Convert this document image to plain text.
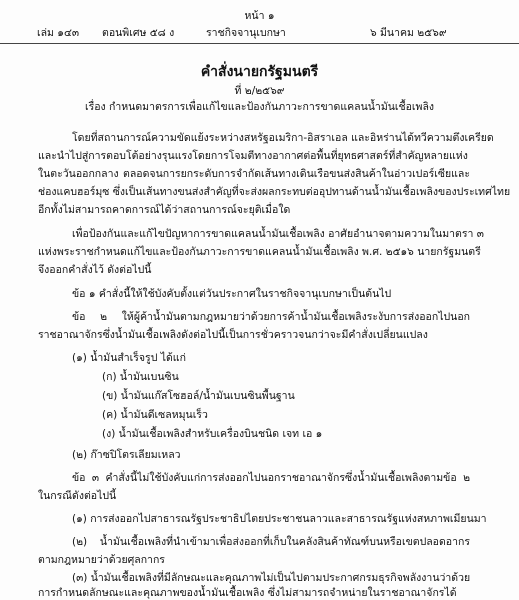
หน้า ๑
เล่ม ๑๔๓ ตอนพิเศษ ๕๘ ง	ราชกิจจานุเบกษา	๖ มีนาคม ๒๕๖๙
คำสั่งนายกรัฐมนตรี
ที่ ๒/๒๕๖๙
เรื่อง กำหนดมาตรการเพื่อแก้ไขและป้องกันภาวะการขาดแคลนน้ำมันเชื้อเพลิง
โดยที่สถานการณ์ความขัดแย้งระหว่างสหรัฐอเมริกา-อิสราเอล และอิหร่านได้ทวีความตึงเครียด
และนำไปสู่การตอบโต้อย่างรุนแรงโดยการโจมตีทางอากาศต่อพื้นที่ยุทธศาสตร์ที่สำคัญหลายแห่ง
ในตะวันออกกลาง ตลอดจนการยกระดับการจำกัดเส้นทางเดินเรือขนส่งสินค้าในอ่าวเปอร์เซียและ
ช่องแคบฮอร์มุซ ซึ่งเป็นเส้นทางขนส่งสำคัญที่จะส่งผลกระทบต่ออุปทานด้านน้ำมันเชื้อเพลิงของประเทศไทย
อีกทั้งไม่สามารถคาดการณ์ได้ว่าสถานการณ์จะยุติเมื่อใด
เพื่อป้องกันและแก้ไขปัญหาการขาดแคลนน้ำมันเชื้อเพลิง อาศัยอำนาจตามความในมาตรา ๓
แห่งพระราชกำหนดแก้ไขและป้องกันภาวะการขาดแคลนน้ำมันเชื้อเพลิง พ.ศ. ๒๕๑๖ นายกรัฐมนตรี
จึงออกคำสั่งไว้ ดังต่อไปนี้
ข้อ ๑ คำสั่งนี้ให้ใช้บังคับตั้งแต่วันประกาศในราชกิจจานุเบกษาเป็นต้นไป
ข้อ ๒ ให้ผู้ค้าน้ำมันตามกฎหมายว่าด้วยการค้าน้ำมันเชื้อเพลิงระงับการส่งออกไปนอก
ราชอาณาจักรซึ่งน้ำมันเชื้อเพลิงดังต่อไปนี้เป็นการชั่วคราวจนกว่าจะมีคำสั่งเปลี่ยนแปลง
(๑) น้ำมันสำเร็จรูป ได้แก่
(ก) น้ำมันเบนซิน
(ข) น้ำมันแก๊สโซฮอล์/น้ำมันเบนซินพื้นฐาน
(ค) น้ำมันดีเซลหมุนเร็ว
(ง) น้ำมันเชื้อเพลิงสำหรับเครื่องบินชนิด เจท เอ ๑
(๒) ก๊าซปิโตรเลียมเหลว
ข้อ ๓ คำสั่งนี้ไม่ใช้บังคับแก่การส่งออกไปนอกราชอาณาจักรซึ่งน้ำมันเชื้อเพลิงตามข้อ ๒
ในกรณีดังต่อไปนี้
(๑) การส่งออกไปสาธารณรัฐประชาธิปไตยประชาชนลาวและสาธารณรัฐแห่งสหภาพเมียนมา
(๒) น้ำมันเชื้อเพลิงที่นำเข้ามาเพื่อส่งออกที่เก็บในคลังสินค้าทัณฑ์บนหรือเขตปลอดอากร
ตามกฎหมายว่าด้วยศุลกากร
(๓) น้ำมันเชื้อเพลิงที่มีลักษณะและคุณภาพไม่เป็นไปตามประกาศกรมธุรกิจพลังงานว่าด้วย
การกำหนดลักษณะและคุณภาพของน้ำมันเชื้อเพลิง ซึ่งไม่สามารถจำหน่ายในราชอาณาจักรได้
